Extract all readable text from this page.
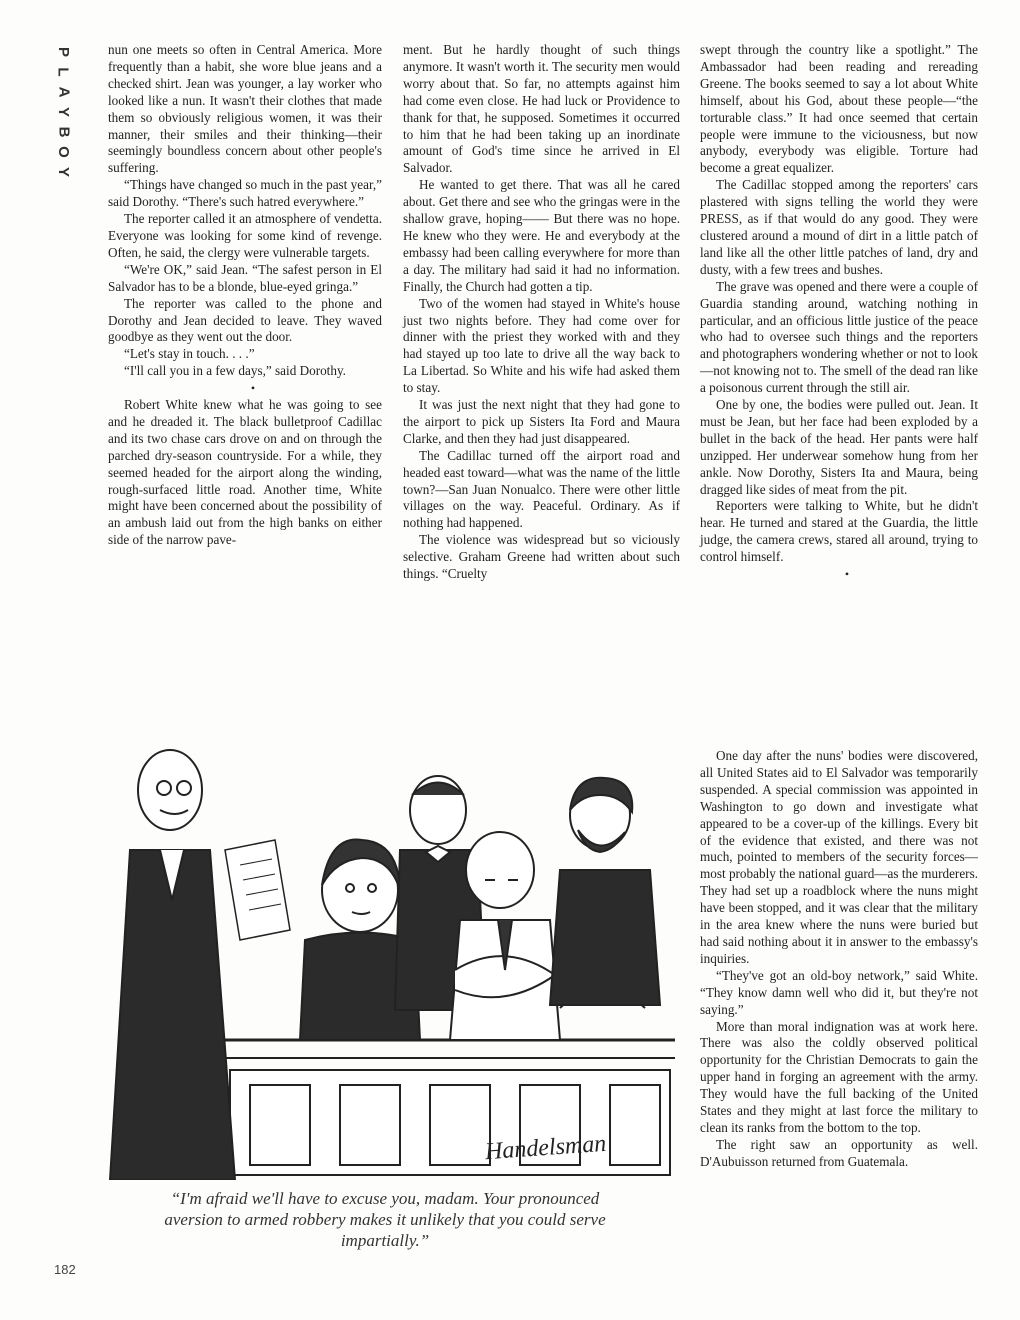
P
L
A
Y
B
O
Y

nun one meets so often in Central America. More frequently than a habit, she wore blue jeans and a checked shirt. Jean was younger, a lay worker who looked like a nun. It wasn't their clothes that made them so obviously religious women, it was their manner, their smiles and their thinking—their seemingly boundless concern about other people's suffering.

“Things have changed so much in the past year,” said Dorothy. “There's such hatred everywhere.”

The reporter called it an atmosphere of vendetta. Everyone was looking for some kind of revenge. Often, he said, the clergy were vulnerable targets.

“We're OK,” said Jean. “The safest person in El Salvador has to be a blonde, blue-eyed gringa.”

The reporter was called to the phone and Dorothy and Jean decided to leave. They waved goodbye as they went out the door.

“Let's stay in touch. . . .”

“I'll call you in a few days,” said Dorothy.

•

Robert White knew what he was going to see and he dreaded it. The black bulletproof Cadillac and its two chase cars drove on and on through the parched dry-season countryside. For a while, they seemed headed for the airport along the winding, rough-surfaced little road. Another time, White might have been concerned about the possibility of an ambush laid out from the high banks on either side of the narrow pave-

ment. But he hardly thought of such things anymore. It wasn't worth it. The security men would worry about that. So far, no attempts against him had come even close. He had luck or Providence to thank for that, he supposed. Sometimes it occurred to him that he had been taking up an inordinate amount of God's time since he arrived in El Salvador.

He wanted to get there. That was all he cared about. Get there and see who the gringas were in the shallow grave, hoping—— But there was no hope. He knew who they were. He and everybody at the embassy had been calling everywhere for more than a day. The military had said it had no information. Finally, the Church had gotten a tip.

Two of the women had stayed in White's house just two nights before. They had come over for dinner with the priest they worked with and they had stayed up too late to drive all the way back to La Libertad. So White and his wife had asked them to stay.

It was just the next night that they had gone to the airport to pick up Sisters Ita Ford and Maura Clarke, and then they had just disappeared.

The Cadillac turned off the airport road and headed east toward—what was the name of the little town?—San Juan Nonualco. There were other little villages on the way. Peaceful. Ordinary. As if nothing had happened.

The violence was widespread but so viciously selective. Graham Greene had written about such things. “Cruelty

swept through the country like a spotlight.” The Ambassador had been reading and rereading Greene. The books seemed to say a lot about White himself, about his God, about these people—“the torturable class.” It had once seemed that certain people were immune to the viciousness, but now anybody, everybody was eligible. Torture had become a great equalizer.

The Cadillac stopped among the reporters' cars plastered with signs telling the world they were PRESS, as if that would do any good. They were clustered around a mound of dirt in a little patch of land like all the other little patches of land, dry and dusty, with a few trees and bushes.

The grave was opened and there were a couple of Guardia standing around, watching nothing in particular, and an officious little justice of the peace who had to oversee such things and the reporters and photographers wondering whether or not to look—not knowing not to. The smell of the dead ran like a poisonous current through the still air.

One by one, the bodies were pulled out. Jean. It must be Jean, but her face had been exploded by a bullet in the back of the head. Her pants were half unzipped. Her underwear somehow hung from her ankle. Now Dorothy, Sisters Ita and Maura, being dragged like sides of meat from the pit.

Reporters were talking to White, but he didn't hear. He turned and stared at the Guardia, the little judge, the camera crews, stared all around, trying to control himself.

•

One day after the nuns' bodies were discovered, all United States aid to El Salvador was temporarily suspended. A special commission was appointed in Washington to go down and investigate what appeared to be a cover-up of the killings. Every bit of the evidence that existed, and there was not much, pointed to members of the security forces—most probably the national guard—as the murderers. They had set up a roadblock where the nuns might have been stopped, and it was clear that the military in the area knew where the nuns were buried but had said nothing about it in answer to the embassy's inquiries.

“They've got an old-boy network,” said White. “They know damn well who did it, but they're not saying.”

More than moral indignation was at work here. There was also the coldly observed political opportunity for the Christian Democrats to gain the upper hand in forging an agreement with the army. They would have the full backing of the United States and they might at last force the military to clean its ranks from the bottom to the top.

The right saw an opportunity as well. D'Aubuisson returned from Guatemala.

Handelsman
“I'm afraid we'll have to excuse you, madam. Your pronounced aversion to armed robbery makes it unlikely that you could serve impartially.”
182
